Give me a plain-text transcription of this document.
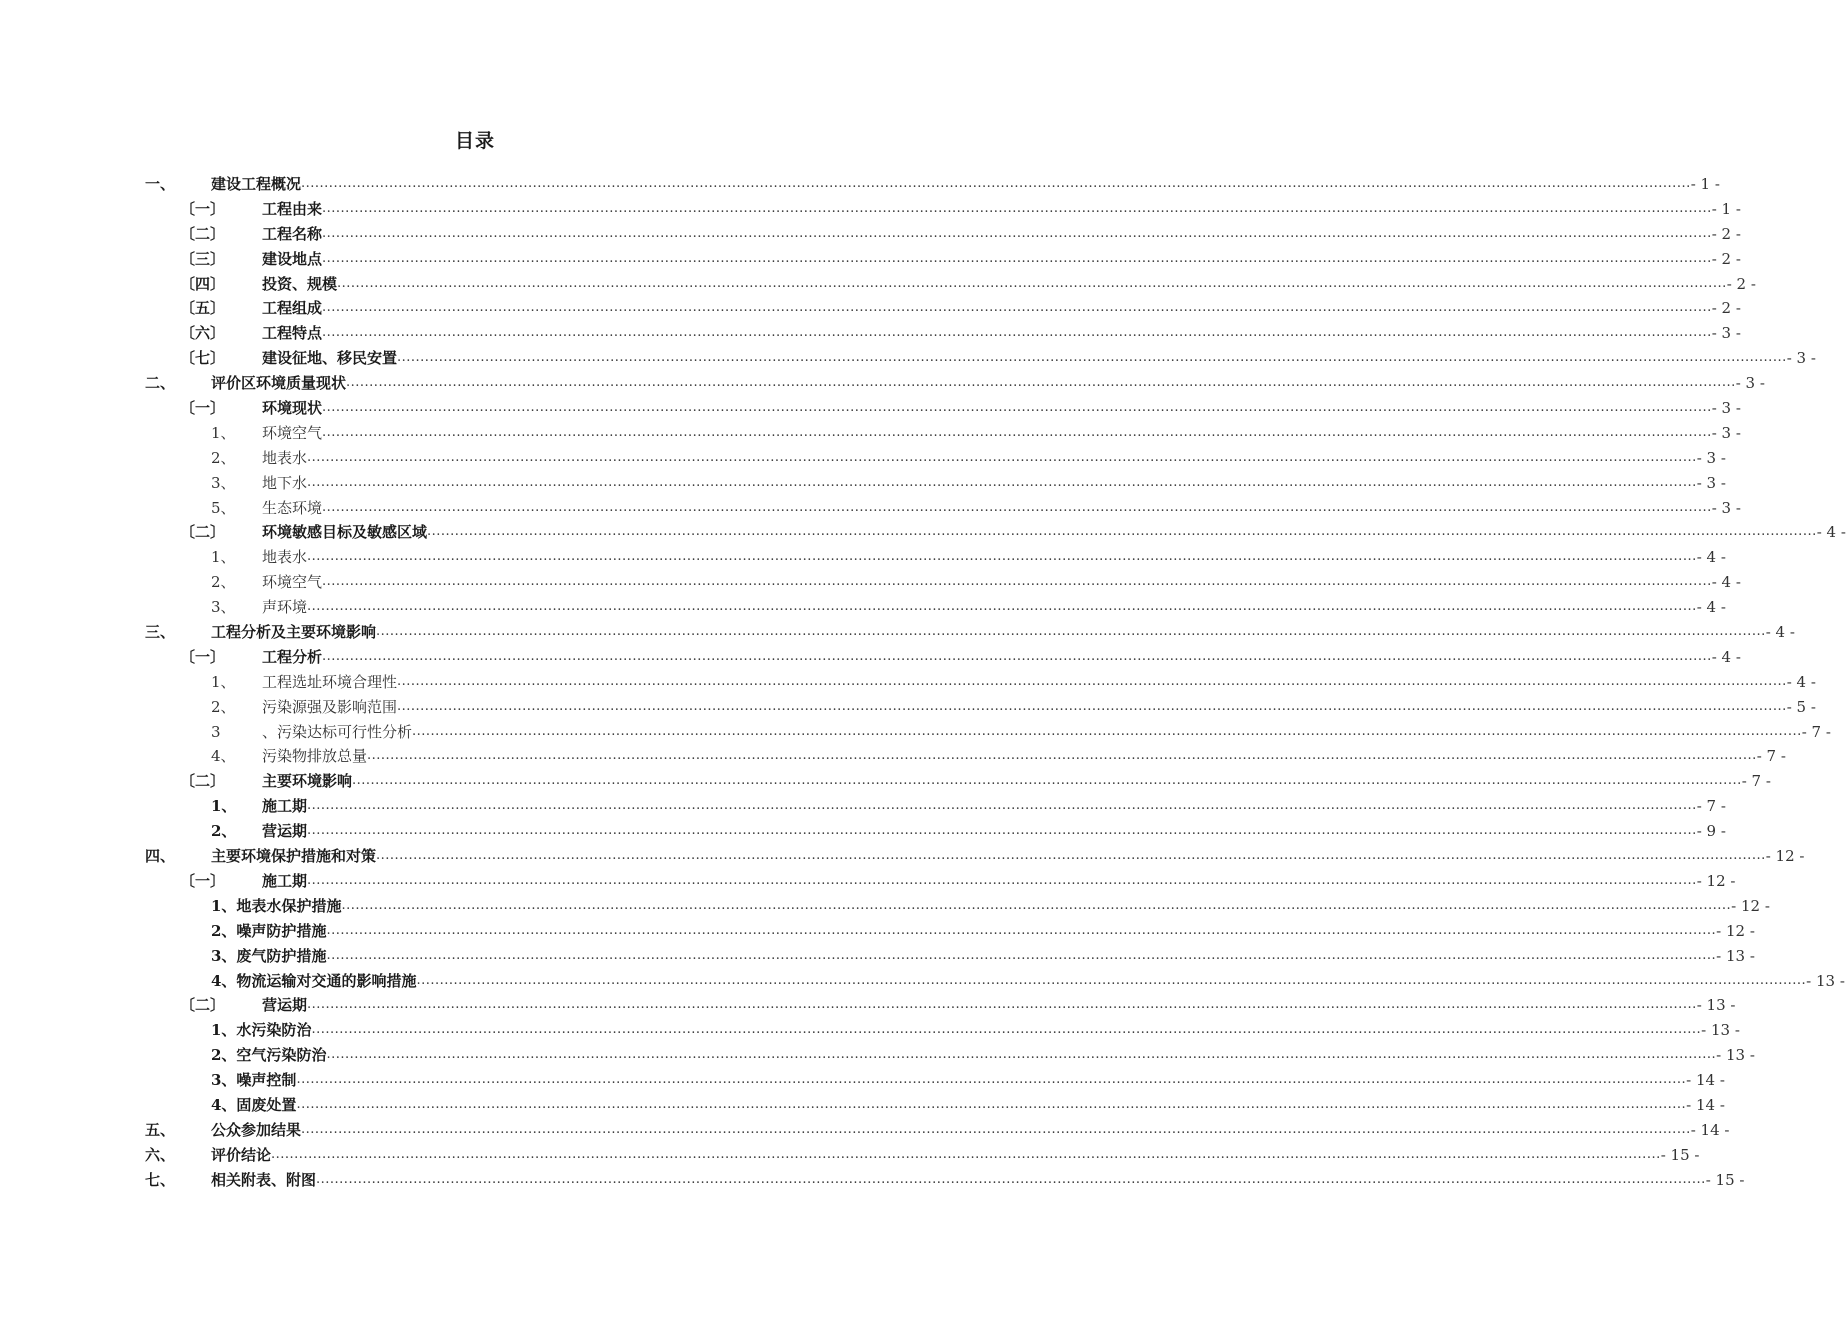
目录
一、 建设工程概况 ............................................................................................................................................................................................................................................................................................................ - 1 -
〔一〕 工程由来 ............................................................................................................................................................................................................................................................................................................ - 1 -
〔二〕 工程名称 ............................................................................................................................................................................................................................................................................................................ - 2 -
〔三〕 建设地点 ............................................................................................................................................................................................................................................................................................................ - 2 -
〔四〕 投资、规模 ............................................................................................................................................................................................................................................................................................................ - 2 -
〔五〕 工程组成 ............................................................................................................................................................................................................................................................................................................ - 2 -
〔六〕 工程特点 ............................................................................................................................................................................................................................................................................................................ - 3 -
〔七〕 建设征地、移民安置 ............................................................................................................................................................................................................................................................................................................ - 3 -
二、 评价区环境质量现状 ............................................................................................................................................................................................................................................................................................................ - 3 -
〔一〕 环境现状 ............................................................................................................................................................................................................................................................................................................ - 3 -
1、 环境空气 ............................................................................................................................................................................................................................................................................................................ - 3 -
2、 地表水 ............................................................................................................................................................................................................................................................................................................ - 3 -
3、 地下水 ............................................................................................................................................................................................................................................................................................................ - 3 -
5、 生态环境 ............................................................................................................................................................................................................................................................................................................ - 3 -
〔二〕 环境敏感目标及敏感区域 ............................................................................................................................................................................................................................................................................................................ - 4 -
1、 地表水 ............................................................................................................................................................................................................................................................................................................ - 4 -
2、 环境空气 ............................................................................................................................................................................................................................................................................................................ - 4 -
3、 声环境 ............................................................................................................................................................................................................................................................................................................ - 4 -
三、 工程分析及主要环境影响 ............................................................................................................................................................................................................................................................................................................ - 4 -
〔一〕 工程分析 ............................................................................................................................................................................................................................................................................................................ - 4 -
1、 工程选址环境合理性 ............................................................................................................................................................................................................................................................................................................ - 4 -
2、 污染源强及影响范围 ............................................................................................................................................................................................................................................................................................................ - 5 -
3	、污染达标可行性分析 ............................................................................................................................................................................................................................................................................................................ - 7 -
4、 污染物排放总量 ............................................................................................................................................................................................................................................................................................................ - 7 -
〔二〕 主要环境影响 ............................................................................................................................................................................................................................................................................................................ - 7 -
1、 施工期 ............................................................................................................................................................................................................................................................................................................ - 7 -
2、 营运期 ............................................................................................................................................................................................................................................................................................................ - 9 -
四、 主要环境保护措施和对策 ............................................................................................................................................................................................................................................................................................................ - 12 -
〔一〕 施工期 ............................................................................................................................................................................................................................................................................................................ - 12 -
1、地表水保护措施 ............................................................................................................................................................................................................................................................................................................ - 12 -
2、噪声防护措施 ............................................................................................................................................................................................................................................................................................................ - 12 -
3、废气防护措施 ............................................................................................................................................................................................................................................................................................................ - 13 -
4、物流运输对交通的影响措施 ............................................................................................................................................................................................................................................................................................................ - 13 -
〔二〕 营运期 ............................................................................................................................................................................................................................................................................................................ - 13 -
1、水污染防治 ............................................................................................................................................................................................................................................................................................................ - 13 -
2、空气污染防治 ............................................................................................................................................................................................................................................................................................................ - 13 -
3、噪声控制 ............................................................................................................................................................................................................................................................................................................ - 14 -
4、固废处置 ............................................................................................................................................................................................................................................................................................................ - 14 -
五、 公众参加结果 ............................................................................................................................................................................................................................................................................................................ - 14 -
六、 评价结论 ............................................................................................................................................................................................................................................................................................................ - 15 -
七、 相关附表、附图 ............................................................................................................................................................................................................................................................................................................ - 15 -
